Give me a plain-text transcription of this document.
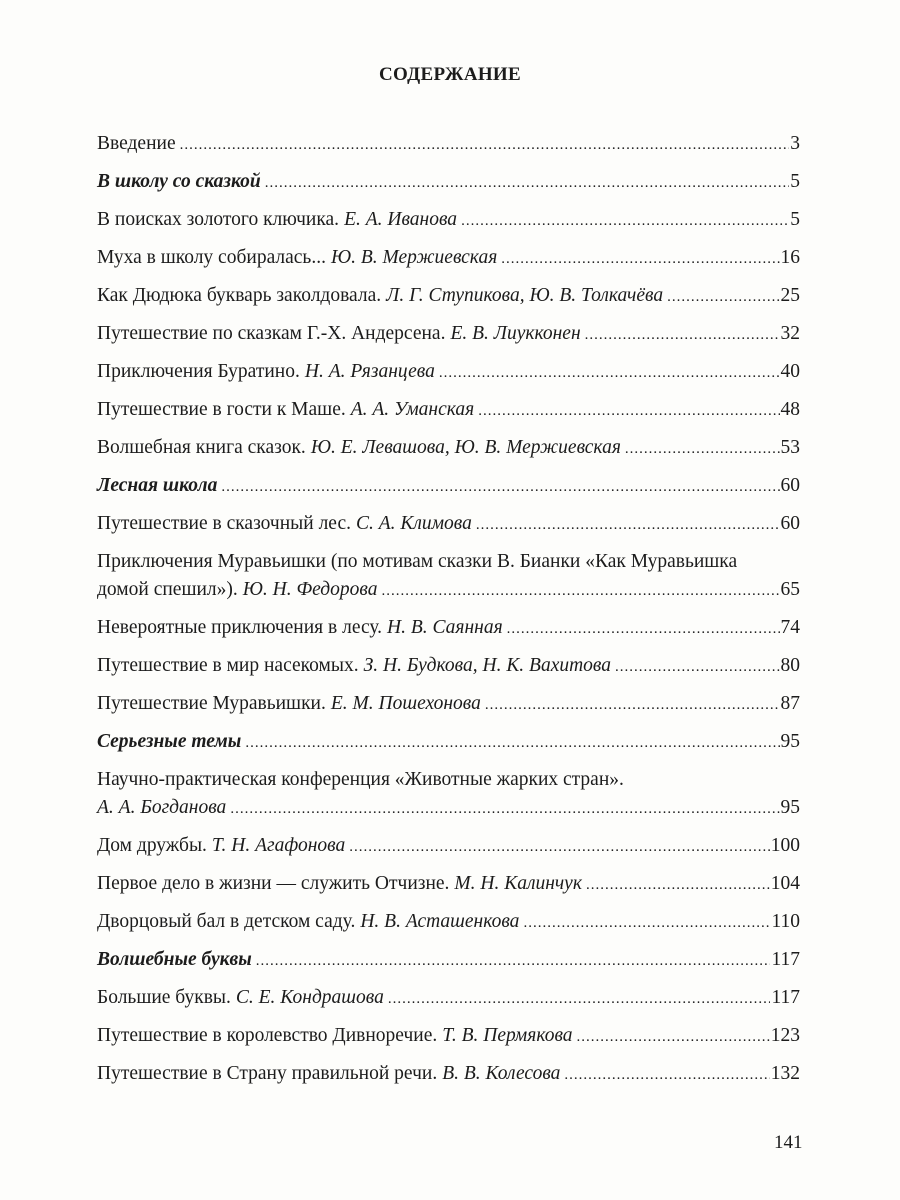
СОДЕРЖАНИЕ
Введение .....	3
В школу со сказкой .....	5
В поисках золотого ключика. Е. А. Иванова .....	5
Муха в школу собиралась... Ю. В. Мержиевская .....	16
Как Дюдюка букварь заколдовала. Л. Г. Ступикова, Ю. В. Толкачёва .....	25
Путешествие по сказкам Г.-Х. Андерсена. Е. В. Лиукконен .....	32
Приключения Буратино. Н. А. Рязанцева .....	40
Путешествие в гости к Маше. А. А. Уманская .....	48
Волшебная книга сказок. Ю. Е. Левашова, Ю. В. Мержиевская .....	53
Лесная школа .....	60
Путешествие в сказочный лес. С. А. Климова .....	60
Приключения Муравьишки (по мотивам сказки В. Бианки «Как Муравьишка
домой спешил»). Ю. Н. Федорова .....	65
Невероятные приключения в лесу. Н. В. Саянная .....	74
Путешествие в мир насекомых. З. Н. Будкова, Н. К. Вахитова .....	80
Путешествие Муравьишки. Е. М. Пошехонова .....	87
Серьезные темы .....	95
Научно-практическая конференция «Животные жарких стран».
А. А. Богданова .....	95
Дом дружбы. Т. Н. Агафонова .....	100
Первое дело в жизни — служить Отчизне. М. Н. Калинчук .....	104
Дворцовый бал в детском саду. Н. В. Асташенкова .....	110
Волшебные буквы .....	117
Большие буквы. С. Е. Кондрашова .....	117
Путешествие в королевство Дивноречие. Т. В. Пермякова .....	123
Путешествие в Страну правильной речи. В. В. Колесова .....	132
141
